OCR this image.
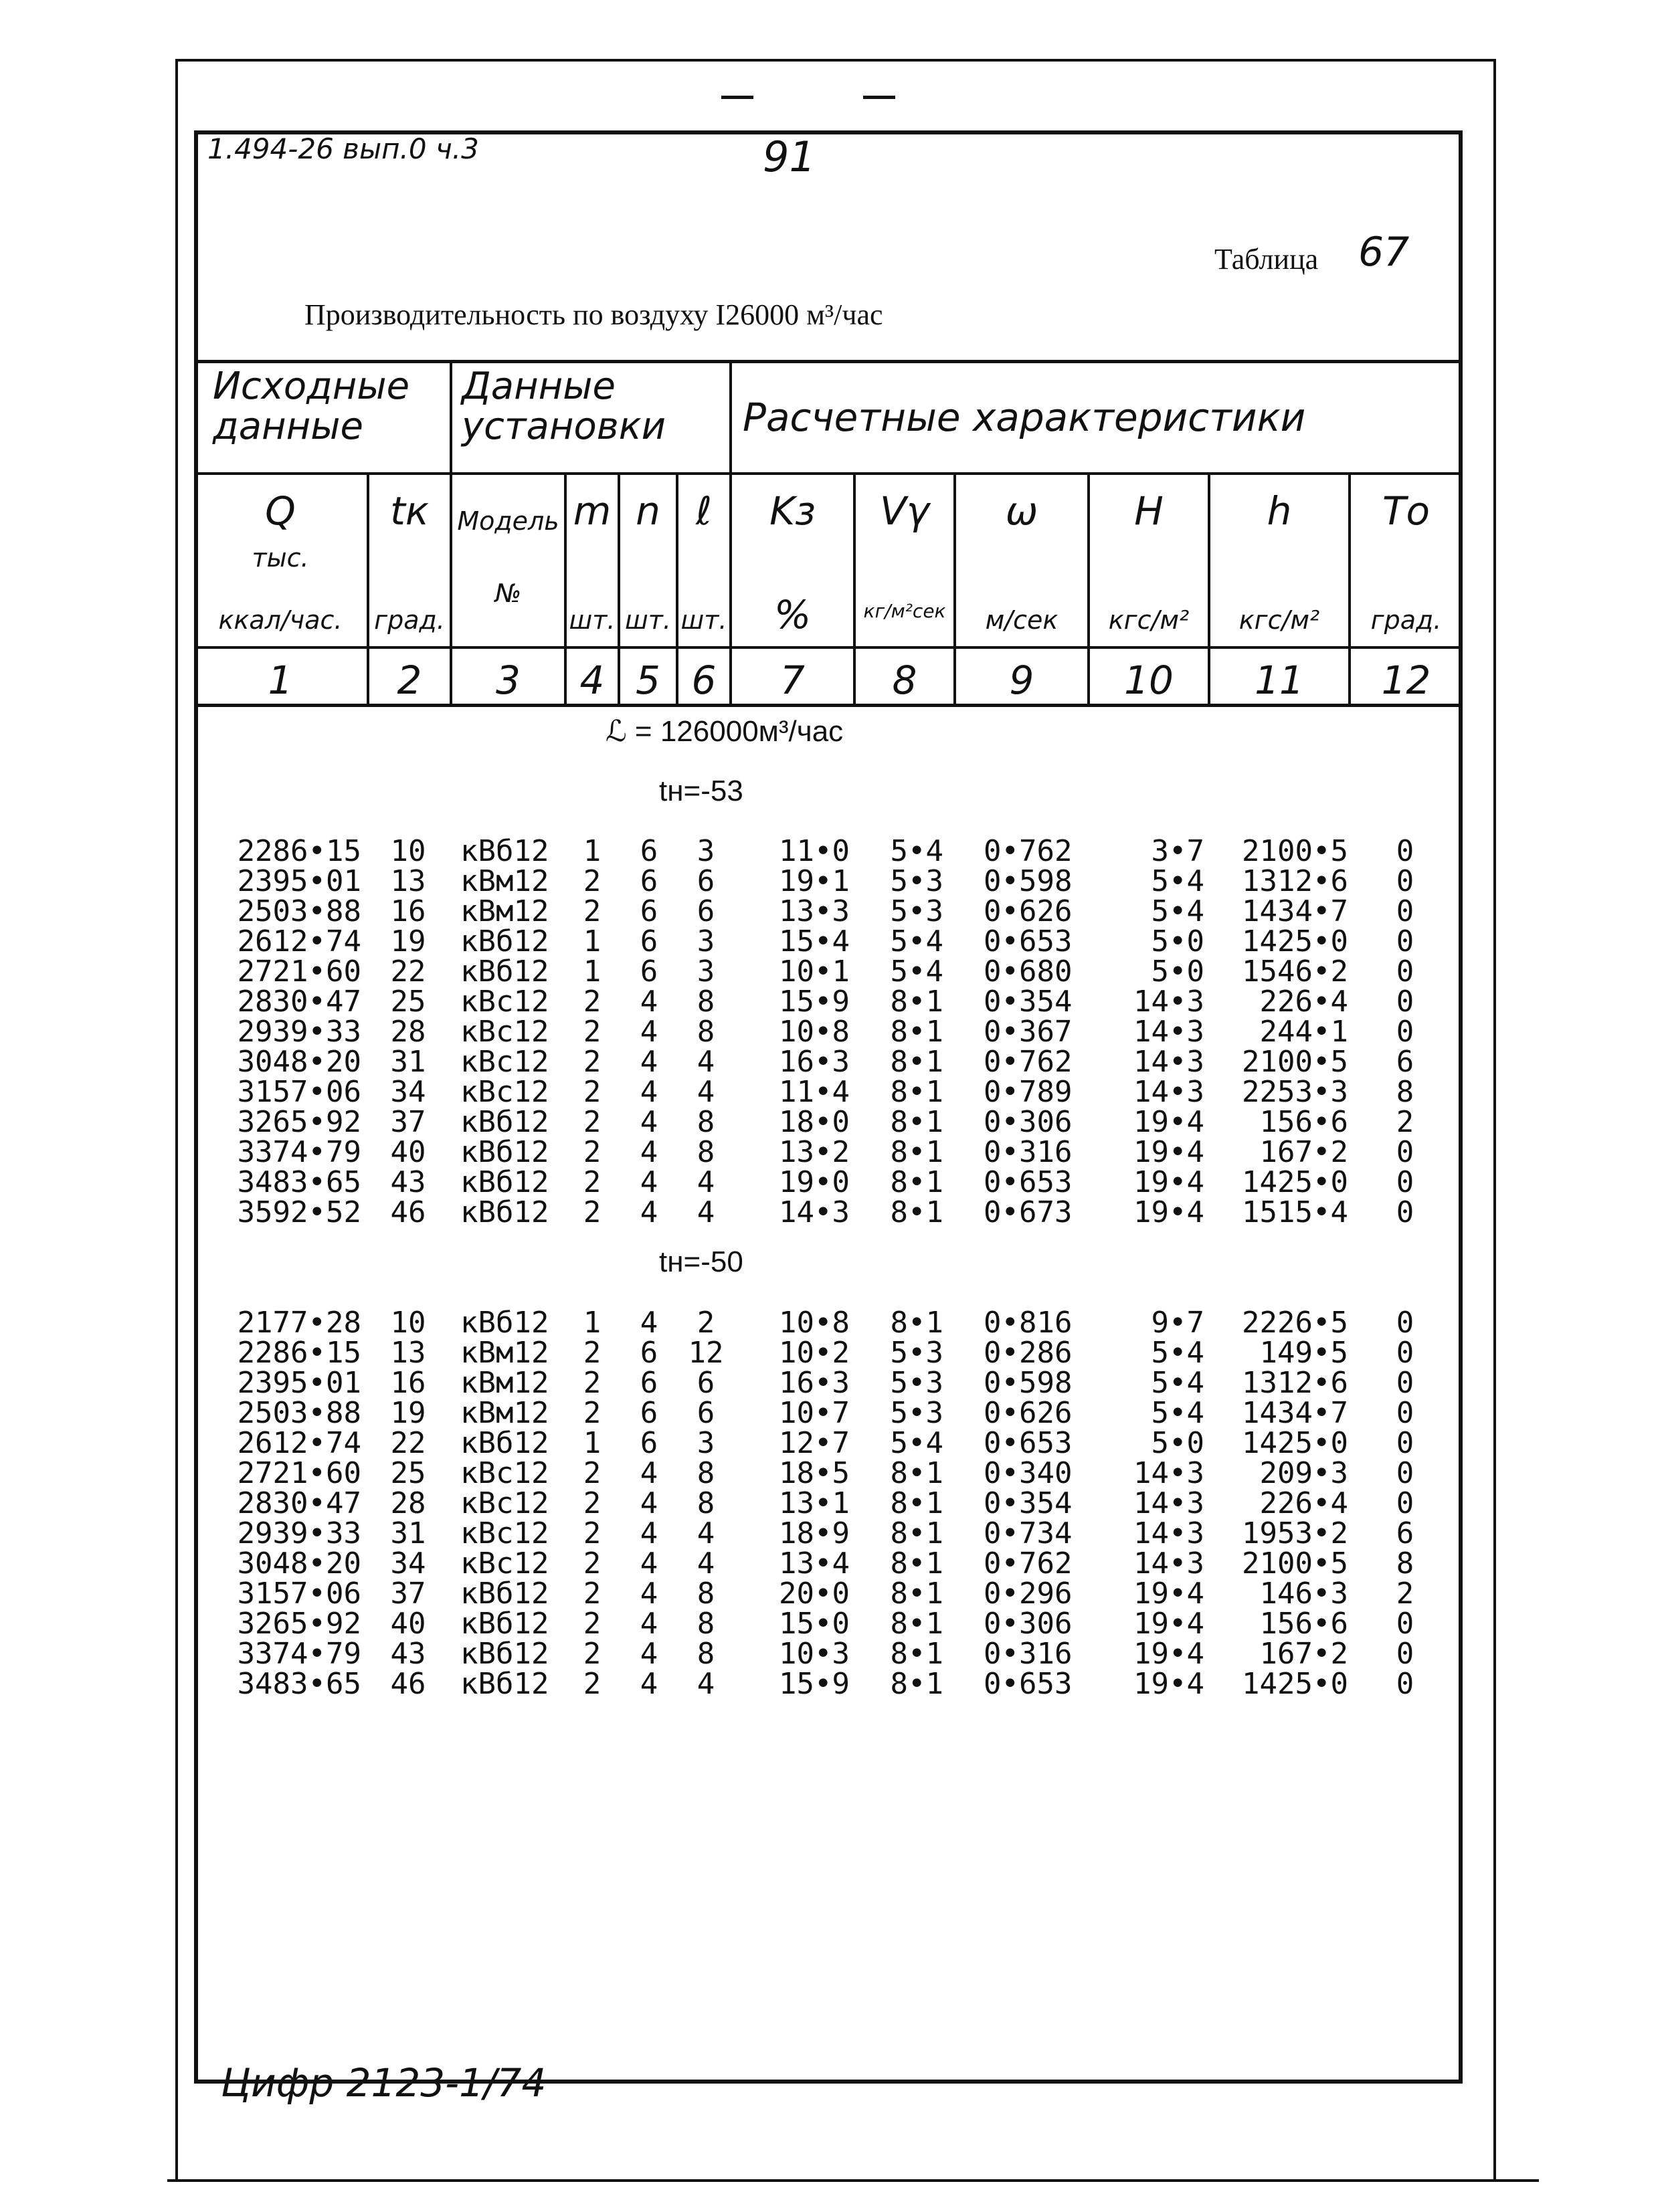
1.494-26 вып.0 ч.3	91
Таблица 67
Производительность по воздуху I26000 м³/час
Исходные данные
Данные установки	Расчетные характеристики
Q
тыс.
ккал/час.
1
tк
град.
2
Модель
№
3
m
шт.
4
n
шт.
5
ℓ
шт.
6
Kз
%
7
Vγ
кг/м²сек
8
ω
м/сек
9
H
кгс/м²
10
h
кгс/м²
11
Tо
град.
12
ℒ = 126000м³/час
tн=-53
tн=-50
2286•15
2395•01
2503•88
2612•74
2721•60
2830•47
2939•33
3048•20
3157•06
3265•92
3374•79
3483•65
3592•52
10
13
16
19
22
25
28
31
34
37
40
43
46
кВб12
кВм12
кВм12
кВб12
кВб12
кВс12
кВс12
кВс12
кВс12
кВб12
кВб12
кВб12
кВб12
1
2
2
1
1
2
2
2
2
2
2
2
2
6
6
6
6
6
4
4
4
4
4
4
4
4
3
6
6
3
3
8
8
4
4
8
8
4
4
11•0
19•1
13•3
15•4
10•1
15•9
10•8
16•3
11•4
18•0
13•2
19•0
14•3
5•4
5•3
5•3
5•4
5•4
8•1
8•1
8•1
8•1
8•1
8•1
8•1
8•1
0•762
0•598
0•626
0•653
0•680
0•354
0•367
0•762
0•789
0•306
0•316
0•653
0•673
3•7
5•4
5•4
5•0
5•0
14•3
14•3
14•3
14•3
19•4
19•4
19•4
19•4
2100•5
1312•6
1434•7
1425•0
1546•2
226•4
244•1
2100•5
2253•3
156•6
167•2
1425•0
1515•4
0
0
0
0
0
0
0
6
8
2
0
0
0
2177•28
2286•15
2395•01
2503•88
2612•74
2721•60
2830•47
2939•33
3048•20
3157•06
3265•92
3374•79
3483•65
10
13
16
19
22
25
28
31
34
37
40
43
46
кВб12
кВм12
кВм12
кВм12
кВб12
кВс12
кВс12
кВс12
кВс12
кВб12
кВб12
кВб12
кВб12
1
2
2
2
1
2
2
2
2
2
2
2
2
4
6
6
6
6
4
4
4
4
4
4
4
4
2
12
6
6
3
8
8
4
4
8
8
8
4
10•8
10•2
16•3
10•7
12•7
18•5
13•1
18•9
13•4
20•0
15•0
10•3
15•9
8•1
5•3
5•3
5•3
5•4
8•1
8•1
8•1
8•1
8•1
8•1
8•1
8•1
0•816
0•286
0•598
0•626
0•653
0•340
0•354
0•734
0•762
0•296
0•306
0•316
0•653
9•7
5•4
5•4
5•4
5•0
14•3
14•3
14•3
14•3
19•4
19•4
19•4
19•4
2226•5
149•5
1312•6
1434•7
1425•0
209•3
226•4
1953•2
2100•5
146•3
156•6
167•2
1425•0
0
0
0
0
0
0
0
6
8
2
0
0
0
Цифр 2123-1/74
